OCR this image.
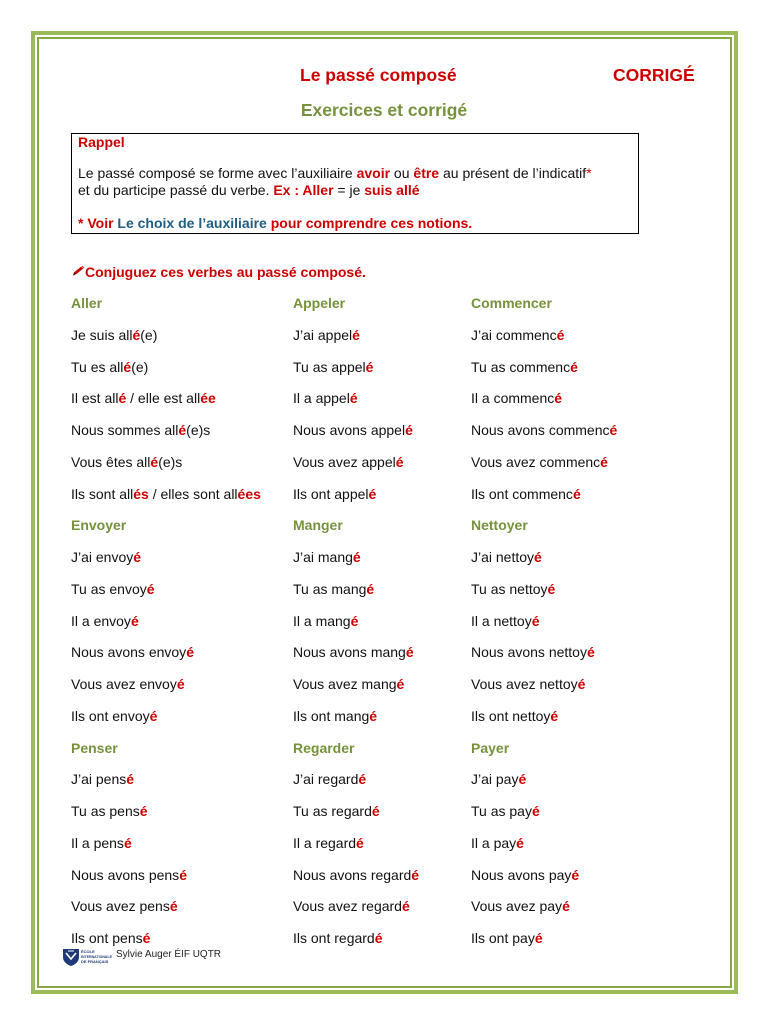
Le passé composé	CORRIGÉ
Exercices et corrigé
Rappel
Le passé composé se forme avec l’auxiliaire avoir ou être au présent de l’indicatif*
et du participe passé du verbe. Ex : Aller = je suis allé
* Voir Le choix de l’auxiliaire pour comprendre ces notions.
Conjuguez ces verbes au passé composé.
Aller
Je suis allé(e)
Tu es allé(e)
Il est allé / elle est allée
Nous sommes allé(e)s
Vous êtes allé(e)s
Ils sont allés / elles sont allées
Appeler
J’ai appelé
Tu as appelé
Il a appelé
Nous avons appelé
Vous avez appelé
Ils ont appelé
Commencer
J’ai commencé
Tu as commencé
Il a commencé
Nous avons commencé
Vous avez commencé
Ils ont commencé
Envoyer
J’ai envoyé
Tu as envoyé
Il a envoyé
Nous avons envoyé
Vous avez envoyé
Ils ont envoyé
Manger
J’ai mangé
Tu as mangé
Il a mangé
Nous avons mangé
Vous avez mangé
Ils ont mangé
Nettoyer
J’ai nettoyé
Tu as nettoyé
Il a nettoyé
Nous avons nettoyé
Vous avez nettoyé
Ils ont nettoyé
Penser
J’ai pensé
Tu as pensé
Il a pensé
Nous avons pensé
Vous avez pensé
Ils ont pensé
Regarder
J’ai regardé
Tu as regardé
Il a regardé
Nous avons regardé
Vous avez regardé
Ils ont regardé
Payer
J’ai payé
Tu as payé
Il a payé
Nous avons payé
Vous avez payé
Ils ont payé
ÉCOLE
INTERNATIONALE
DE FRANÇAIS
Sylvie Auger ÉIF UQTR
